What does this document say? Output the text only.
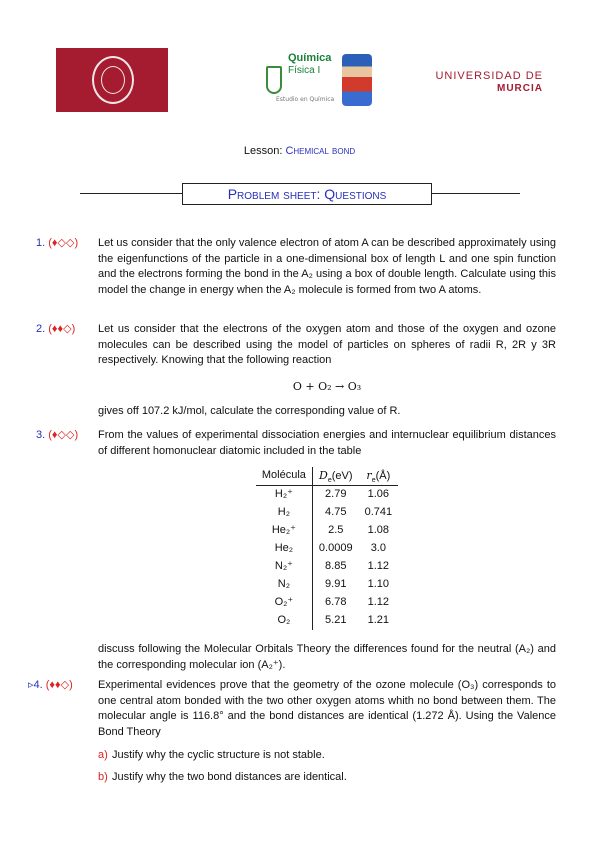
Química
Física I
Estudio en Química
UNIVERSIDAD DE
MURCIA
Lesson: Chemical bond
Problem sheet: Questions
1. (♦◇◇)	Let us consider that the only valence electron of atom A can be described approximately using the eigenfunctions of the particle in a one-dimensional box of length L and one spin function and the electrons forming the bond in the A₂ using a box of double length. Calculate using this model the change in energy when the A₂ molecule is formed from two A atoms.

2. (♦♦◇)	Let us consider that the electrons of the oxygen atom and those of the oxygen and ozone molecules can be described using the model of particles on spheres of radii R, 2R y 3R respectively. Knowing that the following reaction

O + O₂ → O₃

gives off 107.2 kJ/mol, calculate the corresponding value of R.

3. (♦◇◇)	From the values of experimental dissociation energies and internuclear equilibrium distances of different homonuclear diatomic included in the table

Molécula	$D_e(eV)$	$r_e(Å)$
H₂⁺	2.79	1.06
H₂	4.75	0.741
He₂⁺	2.5	1.08
He₂	0.0009	3.0
N₂⁺	8.85	1.12
N₂	9.91	1.10
O₂⁺	6.78	1.12
O₂	5.21	1.21

discuss following the Molecular Orbitals Theory the differences found for the neutral (A₂) and the corresponding molecular ion (A₂⁺).

▹4. (♦♦◇)	Experimental evidences prove that the geometry of the ozone molecule (O₃) corresponds to one central atom bonded with the two other oxygen atoms whith no bond between them. The molecular angle is 116.8° and the bond distances are identical (1.272 Å). Using the Valence Bond Theory

a) Justify why the cyclic structure is not stable.
b) Justify why the two bond distances are identical.
